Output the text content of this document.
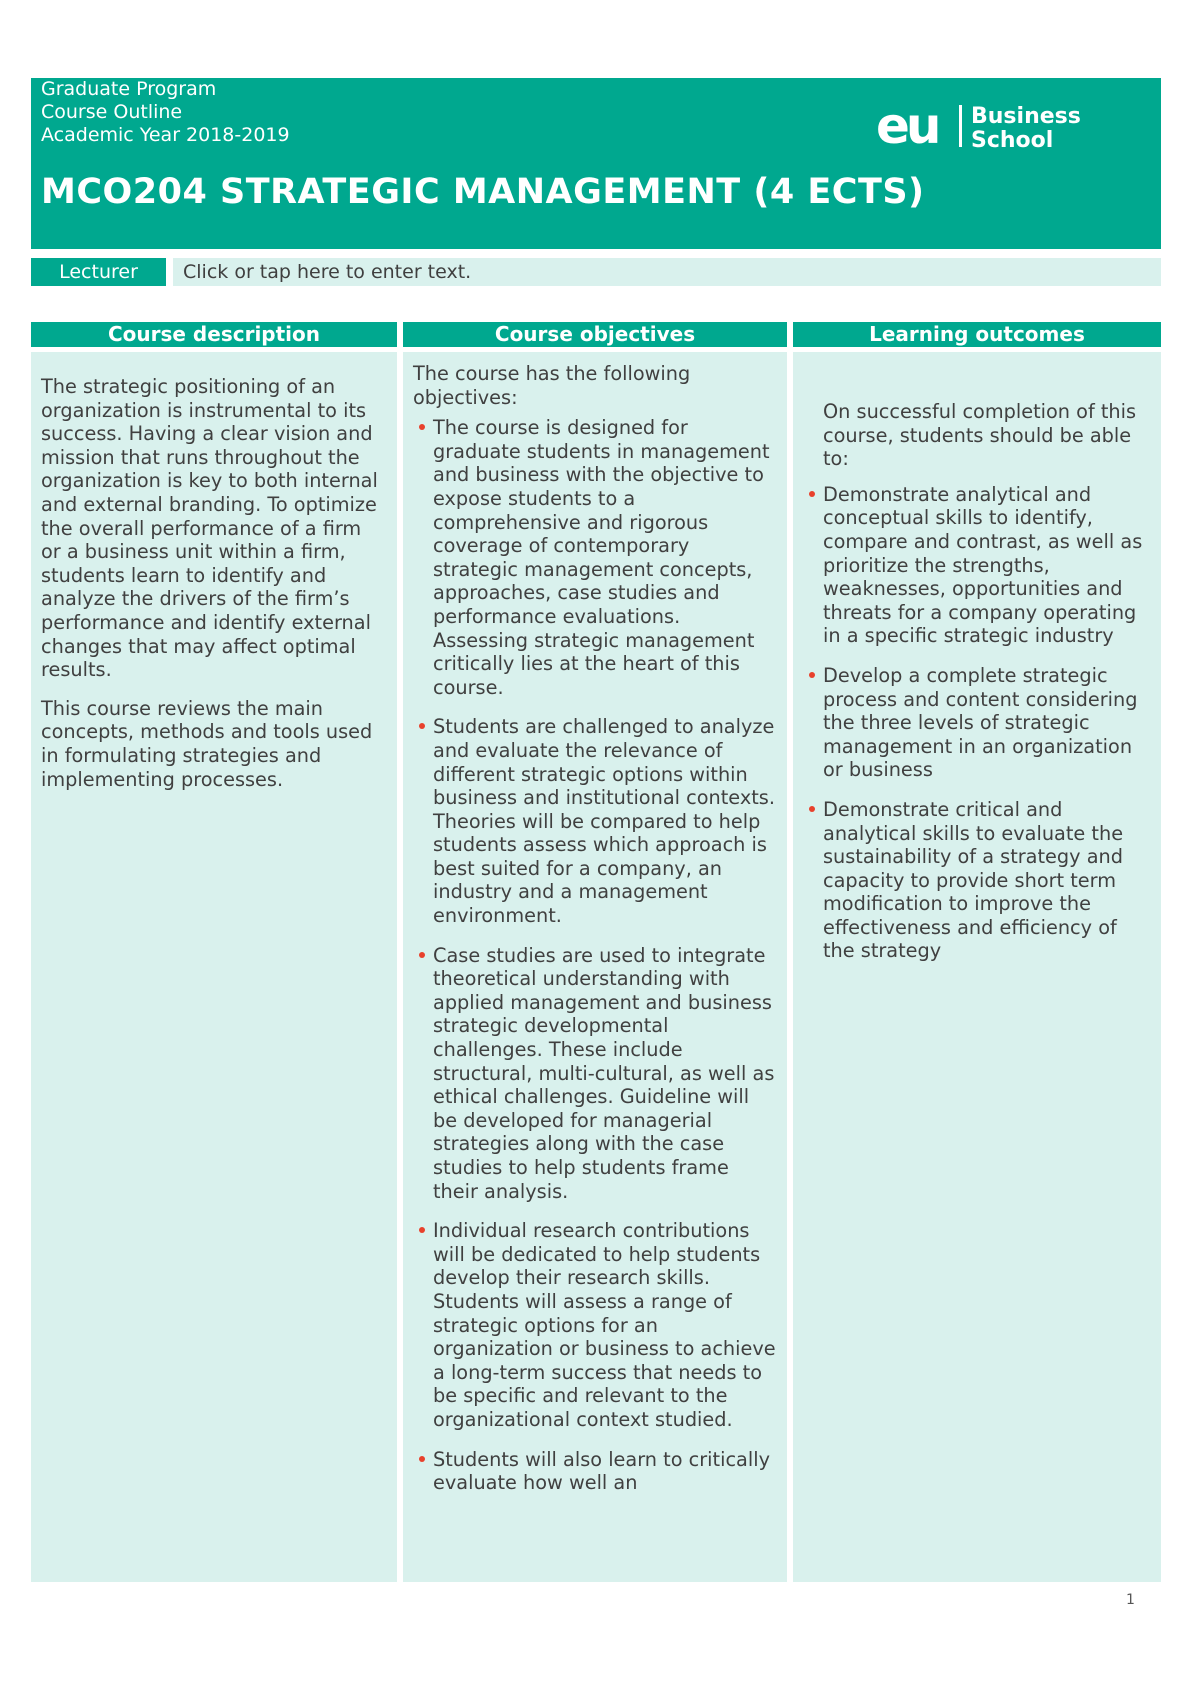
Graduate Program
Course Outline
Academic Year 2018-2019
MCO204 STRATEGIC MANAGEMENT (4 ECTS)
eu Business
School
Lecturer	Click or tap here to enter text.
Course description	Course objectives	Learning outcomes

The strategic positioning of an organization is instrumental to its success. Having a clear vision and mission that runs throughout the organization is key to both internal and external branding. To optimize the overall performance of a firm or a business unit within a firm, students learn to identify and analyze the drivers of the firm’s performance and identify external changes that may affect optimal results.

This course reviews the main concepts, methods and tools used in formulating strategies and implementing processes.

The course has the following objectives:

The course is designed for graduate students in management and business with the objective to expose students to a comprehensive and rigorous coverage of contemporary strategic management concepts, approaches, case studies and performance evaluations. Assessing strategic management critically lies at the heart of this course.
Students are challenged to analyze and evaluate the relevance of different strategic options within business and institutional contexts. Theories will be compared to help students assess which approach is best suited for a company, an industry and a management environment.
Case studies are used to integrate theoretical understanding with applied management and business strategic developmental challenges. These include structural, multi-cultural, as well as ethical challenges. Guideline will be developed for managerial strategies along with the case studies to help students frame their analysis.
Individual research contributions will be dedicated to help students develop their research skills. Students will assess a range of strategic options for an organization or business to achieve a long-term success that needs to be specific and relevant to the organizational context studied.
Students will also learn to critically evaluate how well an

On successful completion of this course, students should be able to:

Demonstrate analytical and conceptual skills to identify, compare and contrast, as well as prioritize the strengths, weaknesses, opportunities and threats for a company operating in a specific strategic industry
Develop a complete strategic process and content considering the three levels of strategic management in an organization or business
Demonstrate critical and analytical skills to evaluate the sustainability of a strategy and capacity to provide short term modification to improve the effectiveness and efficiency of the strategy
1
